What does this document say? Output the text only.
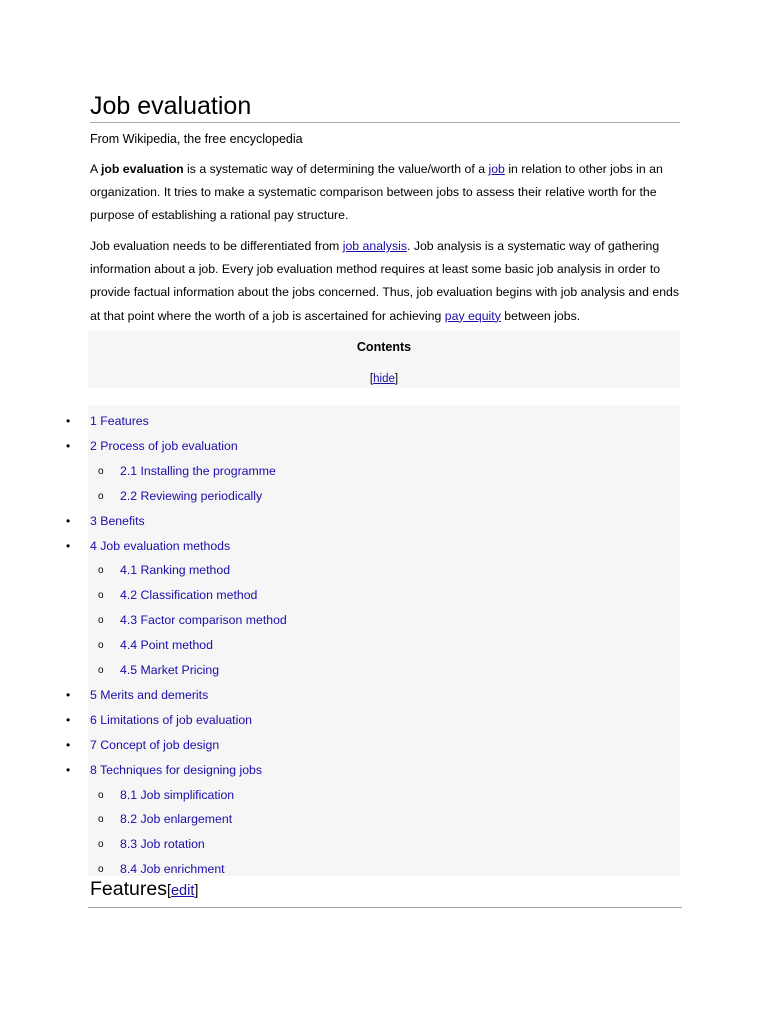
Job evaluation
From Wikipedia, the free encyclopedia

A job evaluation is a systematic way of determining the value/worth of a job in relation to other jobs in an organization. It tries to make a systematic comparison between jobs to assess their relative worth for the purpose of establishing a rational pay structure.

Job evaluation needs to be differentiated from job analysis. Job analysis is a systematic way of gathering information about a job. Every job evaluation method requires at least some basic job analysis in order to provide factual information about the jobs concerned. Thus, job evaluation begins with job analysis and ends at that point where the worth of a job is ascertained for achieving pay equity between jobs.

Contents
[hide]
• 1 Features
• 2 Process of job evaluation
o 2.1 Installing the programme
o 2.2 Reviewing periodically
• 3 Benefits
• 4 Job evaluation methods
o 4.1 Ranking method
o 4.2 Classification method
o 4.3 Factor comparison method
o 4.4 Point method
o 4.5 Market Pricing
• 5 Merits and demerits
• 6 Limitations of job evaluation
• 7 Concept of job design
• 8 Techniques for designing jobs
o 8.1 Job simplification
o 8.2 Job enlargement
o 8.3 Job rotation
o 8.4 Job enrichment
Features[edit]
